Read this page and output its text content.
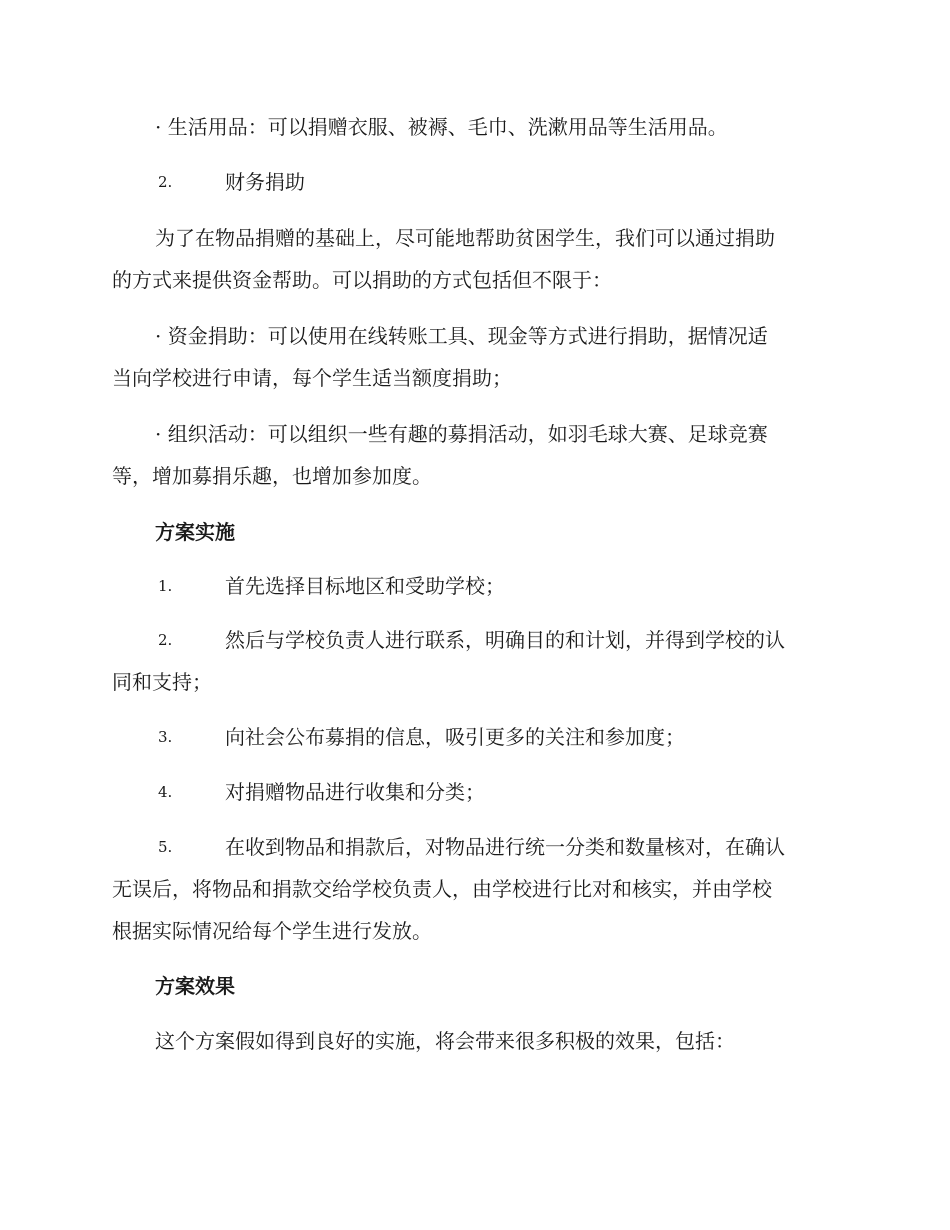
· 生活用品：可以捐赠衣服、被褥、毛巾、洗漱用品等生活用品。
2.	财务捐助
为了在物品捐赠的基础上，尽可能地帮助贫困学生，我们可以通过捐助
的方式来提供资金帮助。可以捐助的方式包括但不限于：
· 资金捐助：可以使用在线转账工具、现金等方式进行捐助，据情况适
当向学校进行申请，每个学生适当额度捐助；
· 组织活动：可以组织一些有趣的募捐活动，如羽毛球大赛、足球竞赛
等，增加募捐乐趣，也增加参加度。
方案实施
1.	首先选择目标地区和受助学校；
2.	然后与学校负责人进行联系，明确目的和计划，并得到学校的认
同和支持；
3.	向社会公布募捐的信息，吸引更多的关注和参加度；
4.	对捐赠物品进行收集和分类；
5.	在收到物品和捐款后，对物品进行统一分类和数量核对，在确认
无误后，将物品和捐款交给学校负责人，由学校进行比对和核实，并由学校
根据实际情况给每个学生进行发放。
方案效果
这个方案假如得到良好的实施，将会带来很多积极的效果，包括：
